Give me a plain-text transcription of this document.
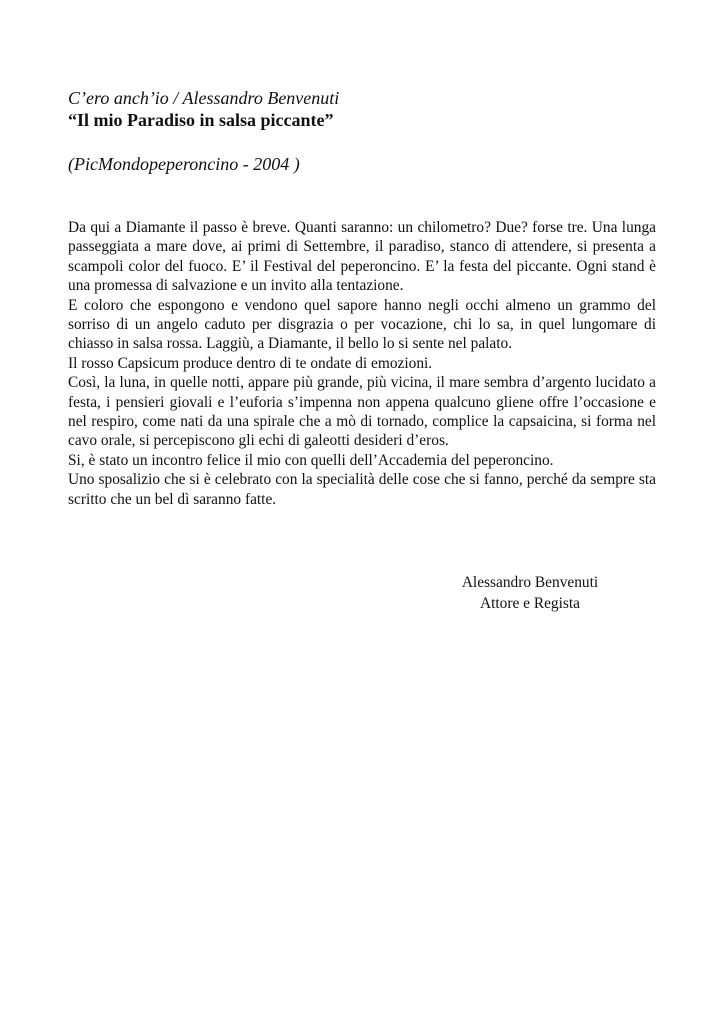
C’ero anch’io / Alessandro Benvenuti

“Il mio Paradiso in salsa piccante”

(PicMondopeperoncino - 2004 )

Da qui a Diamante il passo è breve. Quanti saranno: un chilometro? Due? forse tre. Una lunga passeggiata a mare dove, ai primi di Settembre, il paradiso, stanco di attendere, si presenta a scampoli color del fuoco. E’ il Festival del peperoncino. E’ la festa del piccante. Ogni stand è una promessa di salvazione e un invito alla tentazione.

E coloro che espongono e vendono quel sapore hanno negli occhi almeno un grammo del sorriso di un angelo caduto per disgrazia o per vocazione, chi lo sa, in quel lungomare di chiasso in salsa rossa. Laggiù, a Diamante, il bello lo si sente nel palato.

Il rosso Capsicum produce dentro di te ondate di emozioni.

Così, la luna, in quelle notti, appare più grande, più vicina, il mare sembra d’argento lucidato a festa, i pensieri giovali e l’euforia s’impenna non appena qualcuno gliene offre l’occasione e nel respiro, come nati da una spirale che a mò di tornado, complice la capsaicina, si forma nel cavo orale, si percepiscono gli echi di galeotti desideri d’eros.

Si, è stato un incontro felice il mio con quelli dell’Accademia del peperoncino.

Uno sposalizio che si è celebrato con la specialità delle cose che si fanno, perché da sempre sta scritto che un bel dì saranno fatte.

Alessandro Benvenuti
Attore e Regista
